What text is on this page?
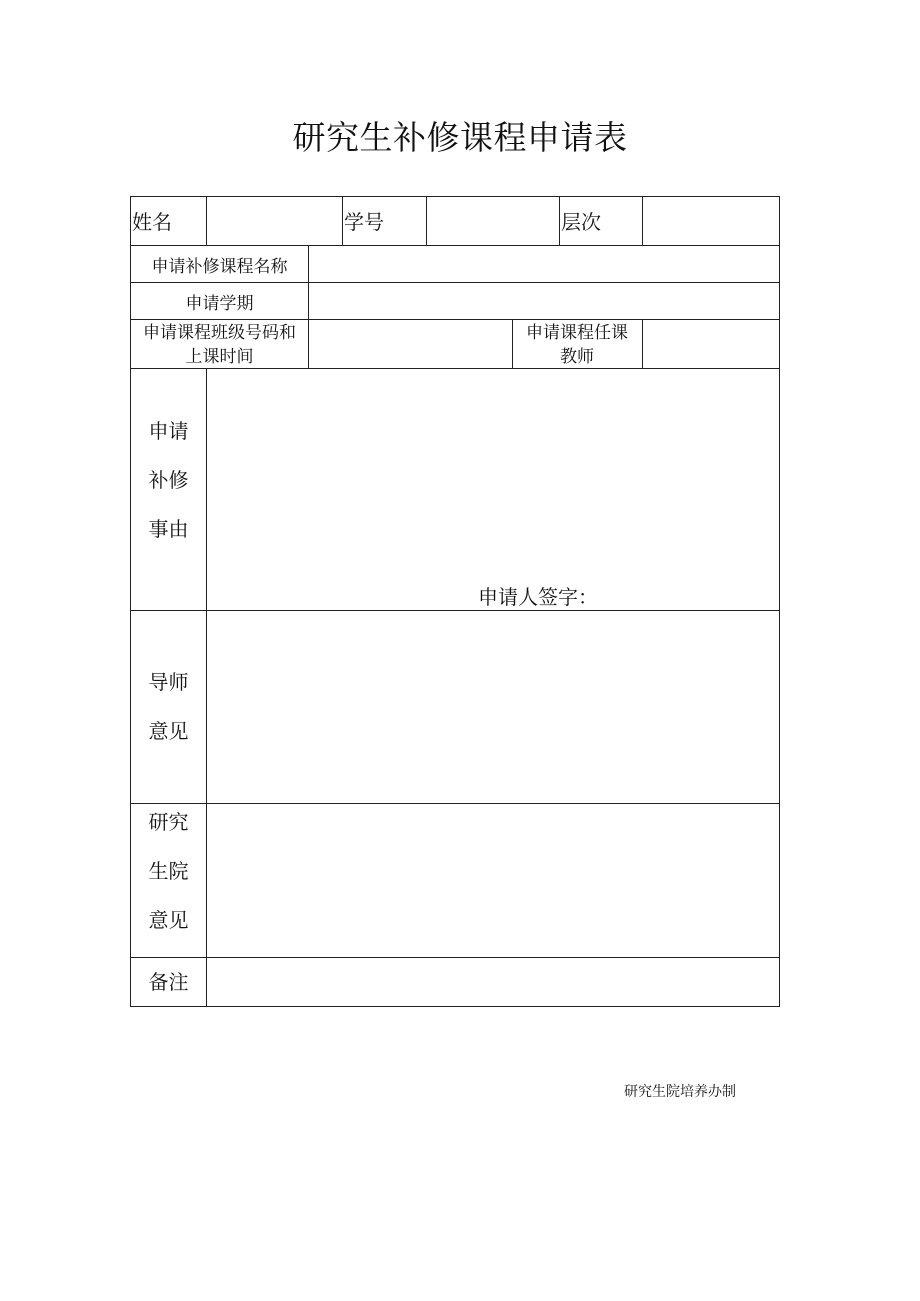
研究生补修课程申请表
姓名	学号	层次
申请补修课程名称
申请学期
申请课程班级号码和
上课时间
申请课程任课
教师
申请
补修
事由
申请人签字：
导师
意见
研究
生院
意见
备注
研究生院培养办制
